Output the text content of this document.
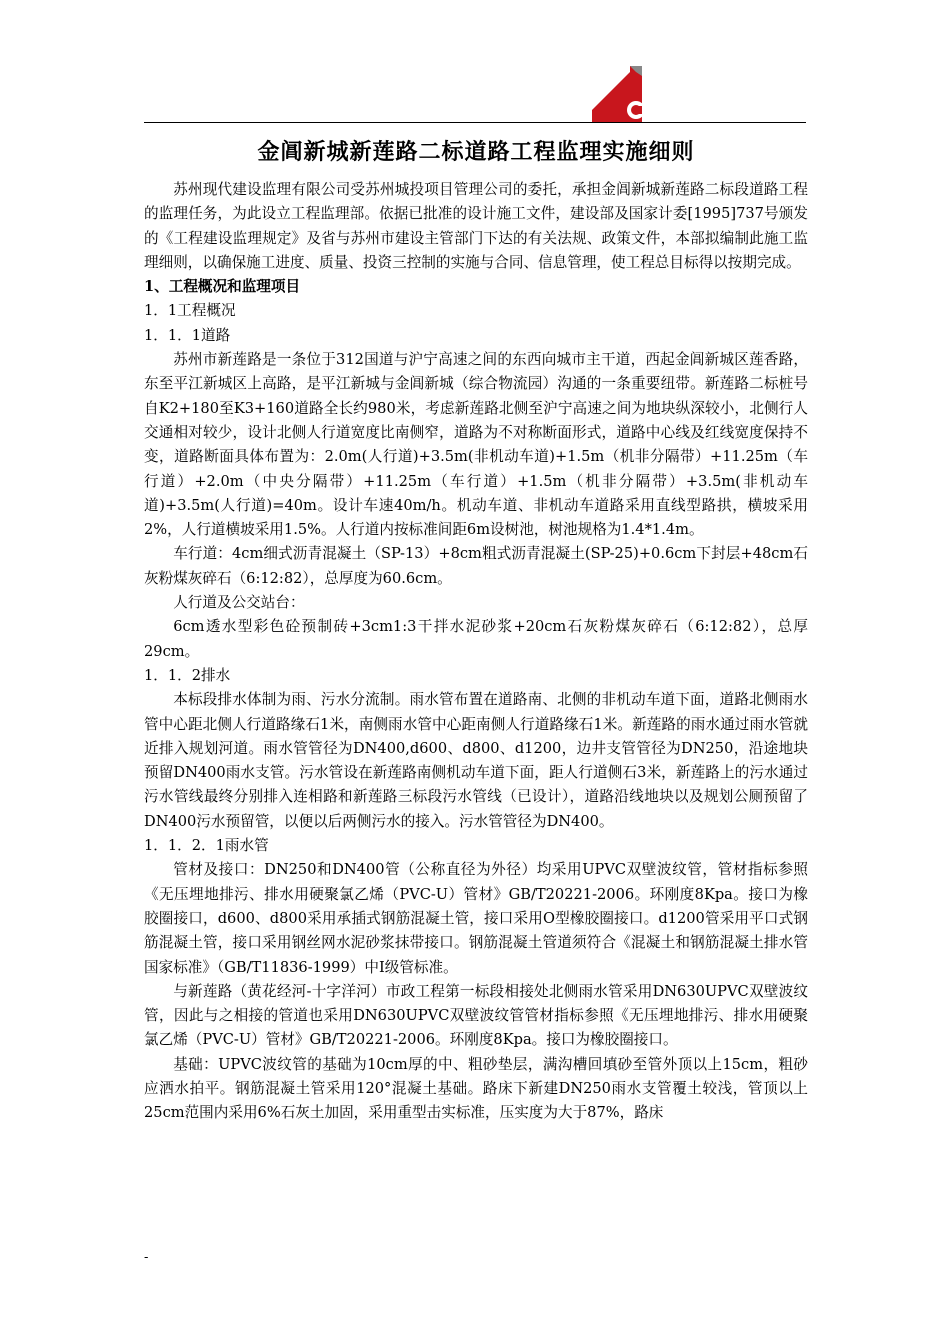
金阊新城新莲路二标道路工程监理实施细则

苏州现代建设监理有限公司受苏州城投项目管理公司的委托，承担金阊新城新莲路二标段道路工程的监理任务，为此设立工程监理部。依据已批准的设计施工文件，建设部及国家计委[1995]737号颁发的《工程建设监理规定》及省与苏州市建设主管部门下达的有关法规、政策文件，本部拟编制此施工监理细则，以确保施工进度、质量、投资三控制的实施与合同、信息管理，使工程总目标得以按期完成。

1、工程概况和监理项目

1．1工程概况

1．1．1道路

苏州市新莲路是一条位于312国道与沪宁高速之间的东西向城市主干道，西起金阊新城区莲香路，东至平江新城区上高路，是平江新城与金阊新城（综合物流园）沟通的一条重要纽带。新莲路二标桩号自K2+180至K3+160道路全长约980米，考虑新莲路北侧至沪宁高速之间为地块纵深较小，北侧行人交通相对较少，设计北侧人行道宽度比南侧窄，道路为不对称断面形式，道路中心线及红线宽度保持不变，道路断面具体布置为：2.0m(人行道)+3.5m(非机动车道)+1.5m（机非分隔带）+11.25m（车行道）+2.0m（中央分隔带）+11.25m（车行道）+1.5m（机非分隔带）+3.5m(非机动车道)+3.5m(人行道)=40m。设计车速40m/h。机动车道、非机动车道路采用直线型路拱，横坡采用2%，人行道横坡采用1.5%。人行道内按标准间距6m设树池，树池规格为1.4*1.4m。

车行道：4cm细式沥青混凝土（SP-13）+8cm粗式沥青混凝土(SP-25)+0.6cm下封层+48cm石灰粉煤灰碎石（6:12:82），总厚度为60.6cm。

人行道及公交站台：

6cm透水型彩色砼预制砖+3cm1:3干拌水泥砂浆+20cm石灰粉煤灰碎石（6:12:82），总厚29cm。

1．1．2排水

本标段排水体制为雨、污水分流制。雨水管布置在道路南、北侧的非机动车道下面，道路北侧雨水管中心距北侧人行道路缘石1米，南侧雨水管中心距南侧人行道路缘石1米。新莲路的雨水通过雨水管就近排入规划河道。雨水管管径为DN400,d600、d800、d1200，边井支管管径为DN250，沿途地块预留DN400雨水支管。污水管设在新莲路南侧机动车道下面，距人行道侧石3米，新莲路上的污水通过污水管线最终分别排入连相路和新莲路三标段污水管线（已设计），道路沿线地块以及规划公厕预留了DN400污水预留管，以便以后两侧污水的接入。污水管管径为DN400。

1．1．2．1雨水管

管材及接口：DN250和DN400管（公称直径为外径）均采用UPVC双壁波纹管，管材指标参照《无压埋地排污、排水用硬聚氯乙烯（PVC-U）管材》GB/T20221-2006。环刚度8Kpa。接口为橡胶圈接口，d600、d800采用承插式钢筋混凝土管，接口采用O型橡胶圈接口。d1200管采用平口式钢筋混凝土管，接口采用钢丝网水泥砂浆抹带接口。钢筋混凝土管道须符合《混凝土和钢筋混凝土排水管国家标准》（GB/T11836-1999）中Ⅰ级管标准。

与新莲路（黄花经河-十字洋河）市政工程第一标段相接处北侧雨水管采用DN630UPVC双壁波纹管，因此与之相接的管道也采用DN630UPVC双壁波纹管管材指标参照《无压埋地排污、排水用硬聚氯乙烯（PVC-U）管材》GB/T20221-2006。环刚度8Kpa。接口为橡胶圈接口。

基础：UPVC波纹管的基础为10cm厚的中、粗砂垫层，满沟槽回填砂至管外顶以上15cm，粗砂应洒水拍平。钢筋混凝土管采用120°混凝土基础。路床下新建DN250雨水支管覆土较浅，管顶以上25cm范围内采用6%石灰土加固，采用重型击实标准，压实度为大于87%，路床

-
